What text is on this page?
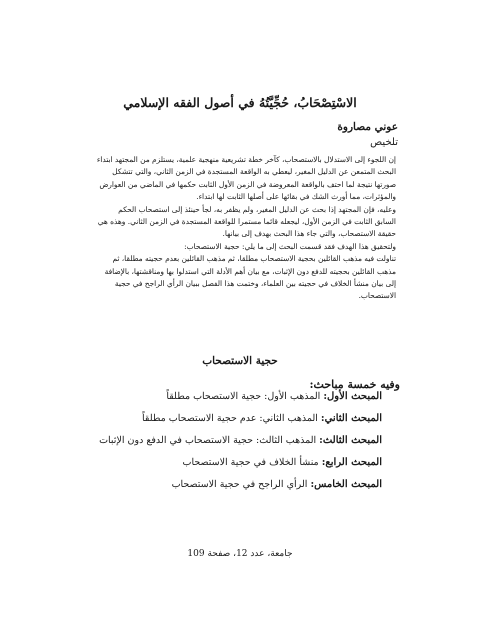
الاسْتِصْحَابُ، حُجِّيَّتُهُ في أصول الفقه الإسلامي
عوني مصاروة
تلخيص

إن اللجوء إلى الاستدلال بالاستصحاب، كآخر خطة تشريعية منهجية علمية، يستلزم من المجتهد ابتداء البحث المتمعن عن الدليل المغير، ليعطي به الواقعة المستجدة في الزمن الثاني، والتي تتشكل صورتها نتيجة لما احتف بالواقعة المعروضة في الزمن الأول الثابت حكمها في الماضي من العوارض والمؤثرات، مما أورث الشك في بقائها على أصلها الثابت لها ابتداء.

وعليه، فإن المجتهد إذا بحث عن الدليل المغير، ولم يظفر به، لجأ حينئذ إلى استصحاب الحكم السابق الثابت في الزمن الأول، ليجعله قائما مستمرا للواقعة المستجدة في الزمن الثاني. وهذه هي حقيقة الاستصحاب، والتي جاء هذا البحث بهدف إلى بيانها.

ولتحقيق هذا الهدف فقد قسمت البحث إلى ما يلي: حجية الاستصحاب:

تناولت فيه مذهب القائلين بحجية الاستصحاب مطلقا، ثم مذهب القائلين بعدم حجيته مطلقا، ثم مذهب القائلين بحجيته للدفع دون الإثبات، مع بيان أهم الأدلة التي استدلوا بها ومناقشتها، بالإضافة إلى بيان منشأ الخلاف في حجيته بين العلماء، وختمت هذا الفصل ببيان الرأي الراجح في حجية الاستصحاب.

حجية الاستصحاب
وفيه خمسة مباحث:
المبحث الأول: المذهب الأول: حجية الاستصحاب مطلقاً
المبحث الثاني: المذهب الثاني: عدم حجية الاستصحاب مطلقاً
المبحث الثالث: المذهب الثالث: حجية الاستصحاب في الدفع دون الإثبات
المبحث الرابع: منشأ الخلاف في حجية الاستصحاب
المبحث الخامس: الرأي الراجح في حجية الاستصحاب
جامعة، عدد 12، صفحة 109
